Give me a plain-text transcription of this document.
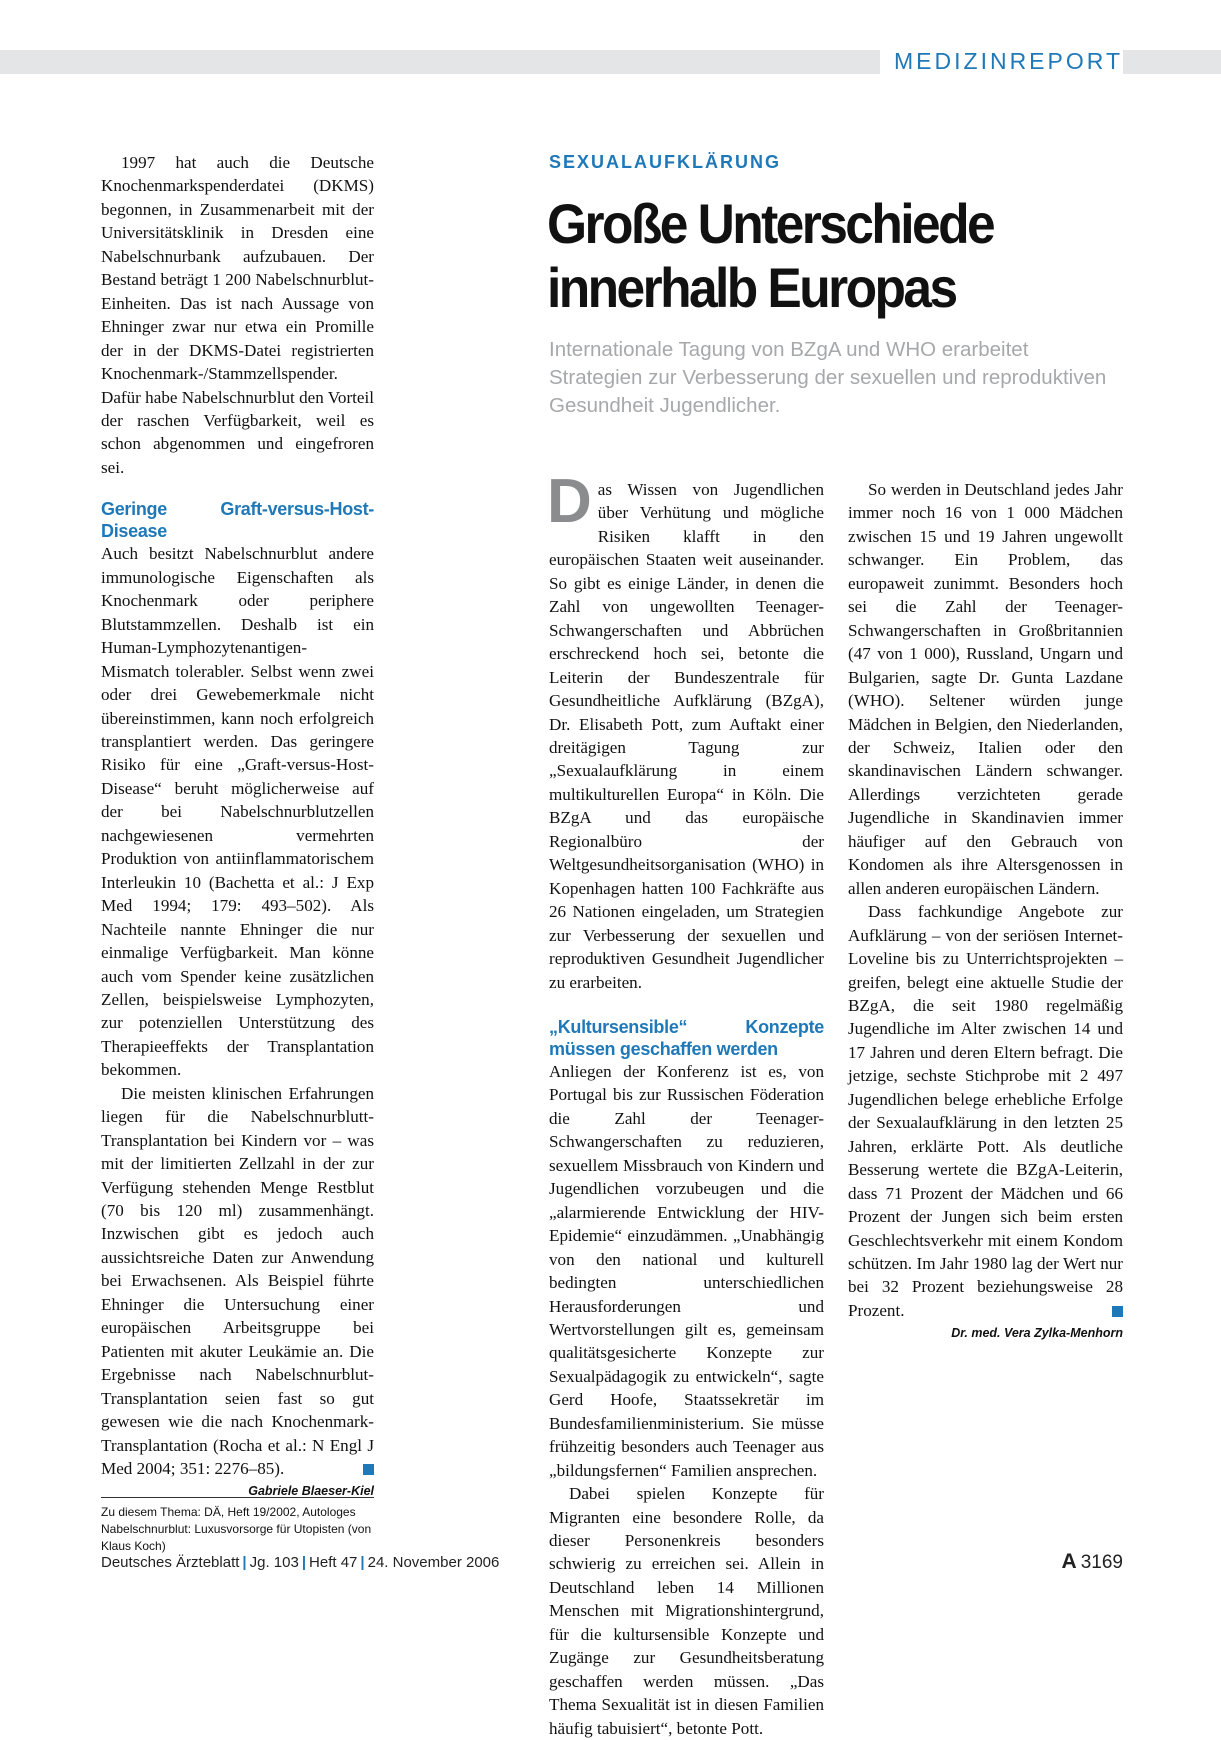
MEDIZINREPORT

1997 hat auch die Deutsche Knochenmarkspenderdatei (DKMS) begonnen, in Zusammenarbeit mit der Universitätsklinik in Dresden eine Nabelschnurbank aufzubauen. Der Bestand beträgt 1 200 Nabelschnurblut-Einheiten. Das ist nach Aussage von Ehninger zwar nur etwa ein Promille der in der DKMS-Datei registrierten Knochenmark-/Stammzellspender. Dafür habe Nabelschnurblut den Vorteil der raschen Verfügbarkeit, weil es schon abgenommen und eingefroren sei.

Geringe Graft-versus-Host-Disease

Auch besitzt Nabelschnurblut andere immunologische Eigenschaften als Knochenmark oder periphere Blutstammzellen. Deshalb ist ein Human-Lymphozytenantigen-Mismatch tolerabler. Selbst wenn zwei oder drei Gewebemerkmale nicht übereinstimmen, kann noch erfolgreich transplantiert werden. Das geringere Risiko für eine „Graft-versus-Host-Disease“ beruht möglicherweise auf der bei Nabelschnurblutzellen nachgewiesenen vermehrten Produktion von antiinflammatorischem Interleukin 10 (Bachetta et al.: J Exp Med 1994; 179: 493–502). Als Nachteile nannte Ehninger die nur einmalige Verfügbarkeit. Man könne auch vom Spender keine zusätzlichen Zellen, beispielsweise Lymphozyten, zur potenziellen Unterstützung des Therapieeffekts der Transplantation bekommen.

Die meisten klinischen Erfahrungen liegen für die Nabelschnurblutt-Transplantation bei Kindern vor – was mit der limitierten Zellzahl in der zur Verfügung stehenden Menge Restblut (70 bis 120 ml) zusammenhängt. Inzwischen gibt es jedoch auch aussichtsreiche Daten zur Anwendung bei Erwachsenen. Als Beispiel führte Ehninger die Untersuchung einer europäischen Arbeitsgruppe bei Patienten mit akuter Leukämie an. Die Ergebnisse nach Nabelschnurblut-Transplantation seien fast so gut gewesen wie die nach Knochenmark-Transplantation (Rocha et al.: N Engl J Med 2004; 351: 2276–85).

Gabriele Blaeser-Kiel
Zu diesem Thema: DÄ, Heft 19/2002, Autologes Nabelschnurblut: Luxusvorsorge für Utopisten (von Klaus Koch)
SEXUALAUFKLÄRUNG
Große Unterschiede
innerhalb Europas

Internationale Tagung von BZgA und WHO erarbeitet Strategien zur Verbesserung der sexuellen und reproduktiven Gesundheit Jugendlicher.

Das Wissen von Jugendlichen über Verhütung und mögliche Risiken klafft in den europäischen Staaten weit auseinander. So gibt es einige Länder, in denen die Zahl von ungewollten Teenager-Schwangerschaften und Abbrüchen erschreckend hoch sei, betonte die Leiterin der Bundeszentrale für Gesundheitliche Aufklärung (BZgA), Dr. Elisabeth Pott, zum Auftakt einer dreitägigen Tagung zur „Sexualaufklärung in einem multikulturellen Europa“ in Köln. Die BZgA und das europäische Regionalbüro der Weltgesundheitsorganisation (WHO) in Kopenhagen hatten 100 Fachkräfte aus 26 Nationen eingeladen, um Strategien zur Verbesserung der sexuellen und reproduktiven Gesundheit Jugendlicher zu erarbeiten.

„Kultursensible“ Konzepte müssen geschaffen werden

Anliegen der Konferenz ist es, von Portugal bis zur Russischen Föderation die Zahl der Teenager-Schwangerschaften zu reduzieren, sexuellem Missbrauch von Kindern und Jugendlichen vorzubeugen und die „alarmierende Entwicklung der HIV-Epidemie“ einzudämmen. „Unabhängig von den national und kulturell bedingten unterschiedlichen Herausforderungen und Wertvorstellungen gilt es, gemeinsam qualitätsgesicherte Konzepte zur Sexualpädagogik zu entwickeln“, sagte Gerd Hoofe, Staatssekretär im Bundesfamilienministerium. Sie müsse frühzeitig besonders auch Teenager aus „bildungsfernen“ Familien ansprechen.

Dabei spielen Konzepte für Migranten eine besondere Rolle, da dieser Personenkreis besonders schwierig zu erreichen sei. Allein in Deutschland leben 14 Millionen Menschen mit Migrationshintergrund, für die kultursensible Konzepte und Zugänge zur Gesundheitsberatung geschaffen werden müssen. „Das Thema Sexualität ist in diesen Familien häufig tabuisiert“, betonte Pott.

So werden in Deutschland jedes Jahr immer noch 16 von 1 000 Mädchen zwischen 15 und 19 Jahren ungewollt schwanger. Ein Problem, das europaweit zunimmt. Besonders hoch sei die Zahl der Teenager-Schwangerschaften in Großbritannien (47 von 1 000), Russland, Ungarn und Bulgarien, sagte Dr. Gunta Lazdane (WHO). Seltener würden junge Mädchen in Belgien, den Niederlanden, der Schweiz, Italien oder den skandinavischen Ländern schwanger. Allerdings verzichteten gerade Jugendliche in Skandinavien immer häufiger auf den Gebrauch von Kondomen als ihre Altersgenossen in allen anderen europäischen Ländern.

Dass fachkundige Angebote zur Aufklärung – von der seriösen Internet-Loveline bis zu Unterrichtsprojekten – greifen, belegt eine aktuelle Studie der BZgA, die seit 1980 regelmäßig Jugendliche im Alter zwischen 14 und 17 Jahren und deren Eltern befragt. Die jetzige, sechste Stichprobe mit 2 497 Jugendlichen belege erhebliche Erfolge der Sexualaufklärung in den letzten 25 Jahren, erklärte Pott. Als deutliche Besserung wertete die BZgA-Leiterin, dass 71 Prozent der Mädchen und 66 Prozent der Jungen sich beim ersten Geschlechtsverkehr mit einem Kondom schützen. Im Jahr 1980 lag der Wert nur bei 32 Prozent beziehungsweise 28 Prozent.

Dr. med. Vera Zylka-Menhorn
Deutsches Ärzteblatt | Jg. 103 | Heft 47 | 24. November 2006	A 3169
